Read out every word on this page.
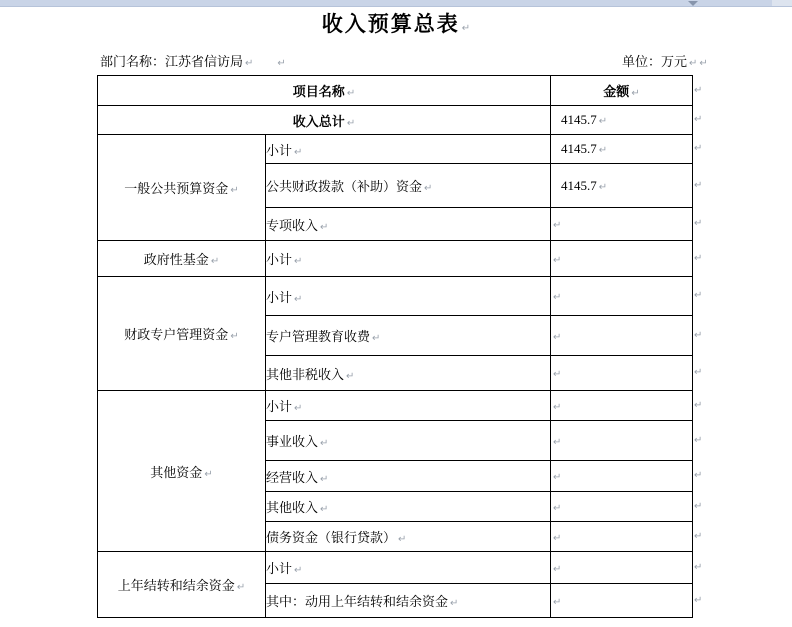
收入预算总表 ↵
部门名称：江苏省信访局 ↵ ↵	单位：万元 ↵ ↵
项目名称 ↵		金额 ↵
收入总计 ↵		4145.7 ↵
一般公共预算资金 ↵	小计 ↵	4145.7 ↵
	公共财政拨款（补助）资金 ↵	4145.7 ↵
	专项收入 ↵	↵
政府性基金 ↵	小计 ↵	↵
财政专户管理资金 ↵	小计 ↵	↵
	专户管理教育收费 ↵	↵
	其他非税收入 ↵	↵
其他资金 ↵	小计 ↵	↵
	事业收入 ↵	↵
	经营收入 ↵	↵
	其他收入 ↵	↵
	债务资金（银行贷款） ↵	↵
上年结转和结余资金 ↵	小计 ↵	↵
	其中：动用上年结转和结余资金 ↵	↵
↵
↵
↵
↵
↵
↵
↵
↵
↵
↵
↵
↵
↵
↵
↵
↵
